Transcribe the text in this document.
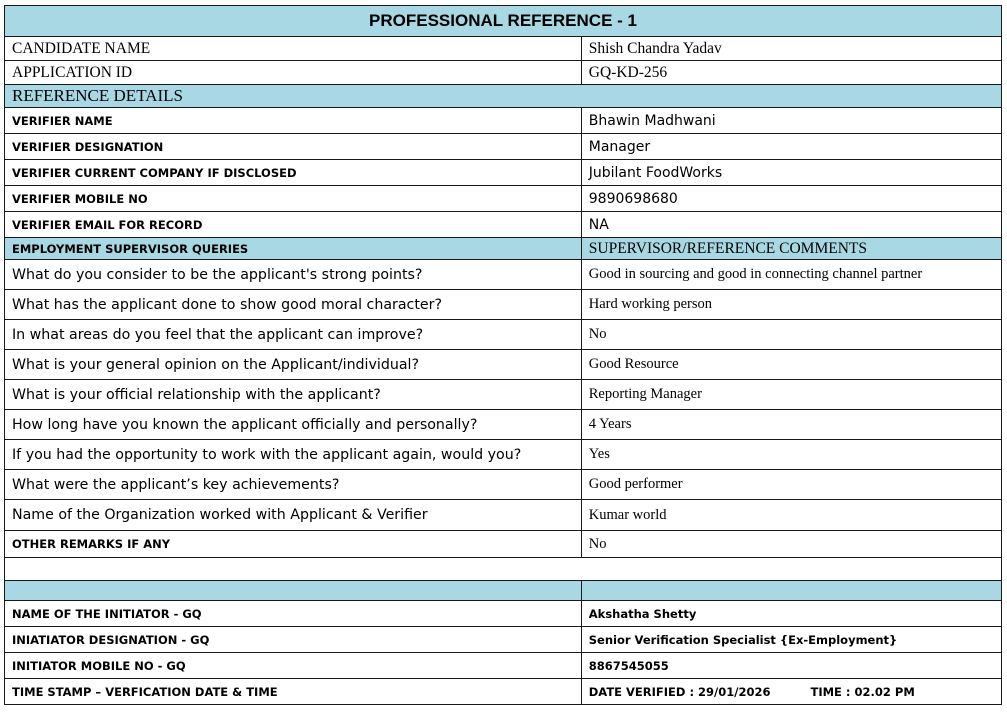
PROFESSIONAL REFERENCE - 1	
CANDIDATE NAME	Shish Chandra Yadav
APPLICATION ID	GQ-KD-256
REFERENCE DETAILS	
VERIFIER NAME	Bhawin Madhwani
VERIFIER DESIGNATION	Manager
VERIFIER CURRENT COMPANY IF DISCLOSED	Jubilant FoodWorks
VERIFIER MOBILE NO	9890698680
VERIFIER EMAIL FOR RECORD	NA
EMPLOYMENT SUPERVISOR QUERIES	SUPERVISOR/REFERENCE COMMENTS
What do you consider to be the applicant's strong points?	Good in sourcing and good in connecting channel partner
What has the applicant done to show good moral character?	Hard working person
In what areas do you feel that the applicant can improve?	No
What is your general opinion on the Applicant/individual?	Good Resource
What is your official relationship with the applicant?	Reporting Manager
How long have you known the applicant officially and personally?	4 Years
If you had the opportunity to work with the applicant again, would you?	Yes
What were the applicant’s key achievements?	Good performer
Name of the Organization worked with Applicant & Verifier	Kumar world
OTHER REMARKS IF ANY	No

NAME OF THE INITIATOR - GQ	Akshatha Shetty
INIATIATOR DESIGNATION - GQ	Senior Verification Specialist {Ex-Employment}
INITIATOR MOBILE NO - GQ	8867545055
TIME STAMP – VERFICATION DATE & TIME	DATE VERIFIED : 29/01/2026 TIME : 02.02 PM
